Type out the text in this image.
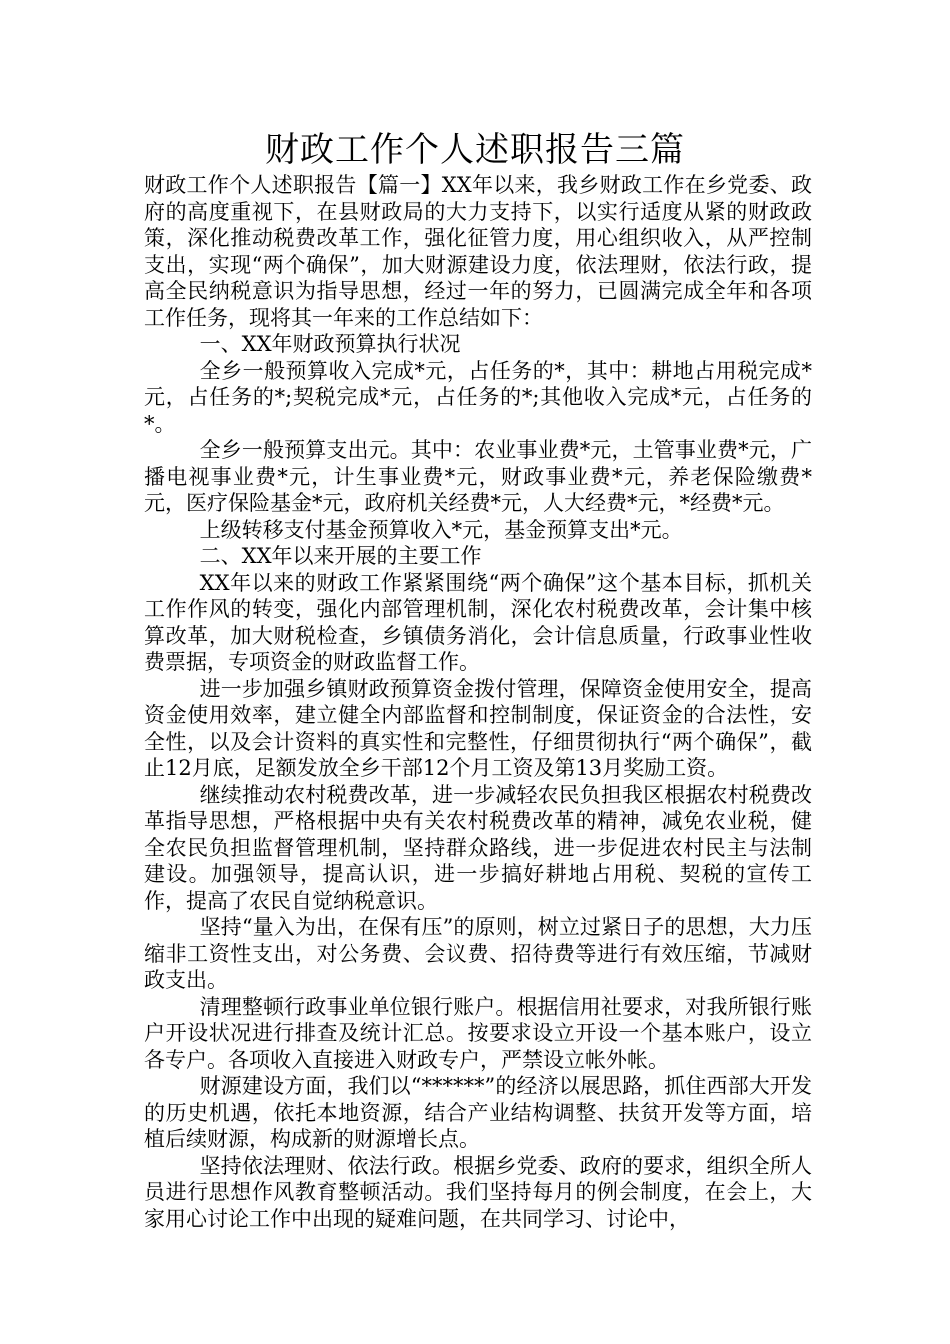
财政工作个人述职报告三篇

财政工作个人述职报告【篇一】XX年以来，我乡财政工作在乡党委、政府的高度重视下，在县财政局的大力支持下，以实行适度从紧的财政政策，深化推动税费改革工作，强化征管力度，用心组织收入，从严控制支出，实现“两个确保”，加大财源建设力度，依法理财，依法行政，提高全民纳税意识为指导思想，经过一年的努力，已圆满完成全年和各项工作任务，现将其一年来的工作总结如下：

一、XX年财政预算执行状况

全乡一般预算收入完成*元，占任务的*，其中：耕地占用税完成*元，占任务的*;契税完成*元，占任务的*;其他收入完成*元，占任务的*。

全乡一般预算支出元。其中：农业事业费*元，土管事业费*元，广播电视事业费*元，计生事业费*元，财政事业费*元，养老保险缴费*元，医疗保险基金*元，政府机关经费*元，人大经费*元，*经费*元。

上级转移支付基金预算收入*元，基金预算支出*元。

二、XX年以来开展的主要工作

XX年以来的财政工作紧紧围绕“两个确保”这个基本目标，抓机关工作作风的转变，强化内部管理机制，深化农村税费改革，会计集中核算改革，加大财税检查，乡镇债务消化，会计信息质量，行政事业性收费票据，专项资金的财政监督工作。

进一步加强乡镇财政预算资金拨付管理，保障资金使用安全，提高资金使用效率，建立健全内部监督和控制制度，保证资金的合法性，安全性，以及会计资料的真实性和完整性，仔细贯彻执行“两个确保”，截止12月底，足额发放全乡干部12个月工资及第13月奖励工资。

继续推动农村税费改革，进一步减轻农民负担我区根据农村税费改革指导思想，严格根据中央有关农村税费改革的精神，减免农业税，健全农民负担监督管理机制，坚持群众路线，进一步促进农村民主与法制建设。加强领导，提高认识，进一步搞好耕地占用税、契税的宣传工作，提高了农民自觉纳税意识。

坚持“量入为出，在保有压”的原则，树立过紧日子的思想，大力压缩非工资性支出，对公务费、会议费、招待费等进行有效压缩，节减财政支出。

清理整顿行政事业单位银行账户。根据信用社要求，对我所银行账户开设状况进行排查及统计汇总。按要求设立开设一个基本账户，设立各专户。各项收入直接进入财政专户，严禁设立帐外帐。

财源建设方面，我们以“******”的经济以展思路，抓住西部大开发的历史机遇，依托本地资源，结合产业结构调整、扶贫开发等方面，培植后续财源，构成新的财源增长点。

坚持依法理财、依法行政。根据乡党委、政府的要求，组织全所人员进行思想作风教育整顿活动。我们坚持每月的例会制度，在会上，大家用心讨论工作中出现的疑难问题，在共同学习、讨论中，
